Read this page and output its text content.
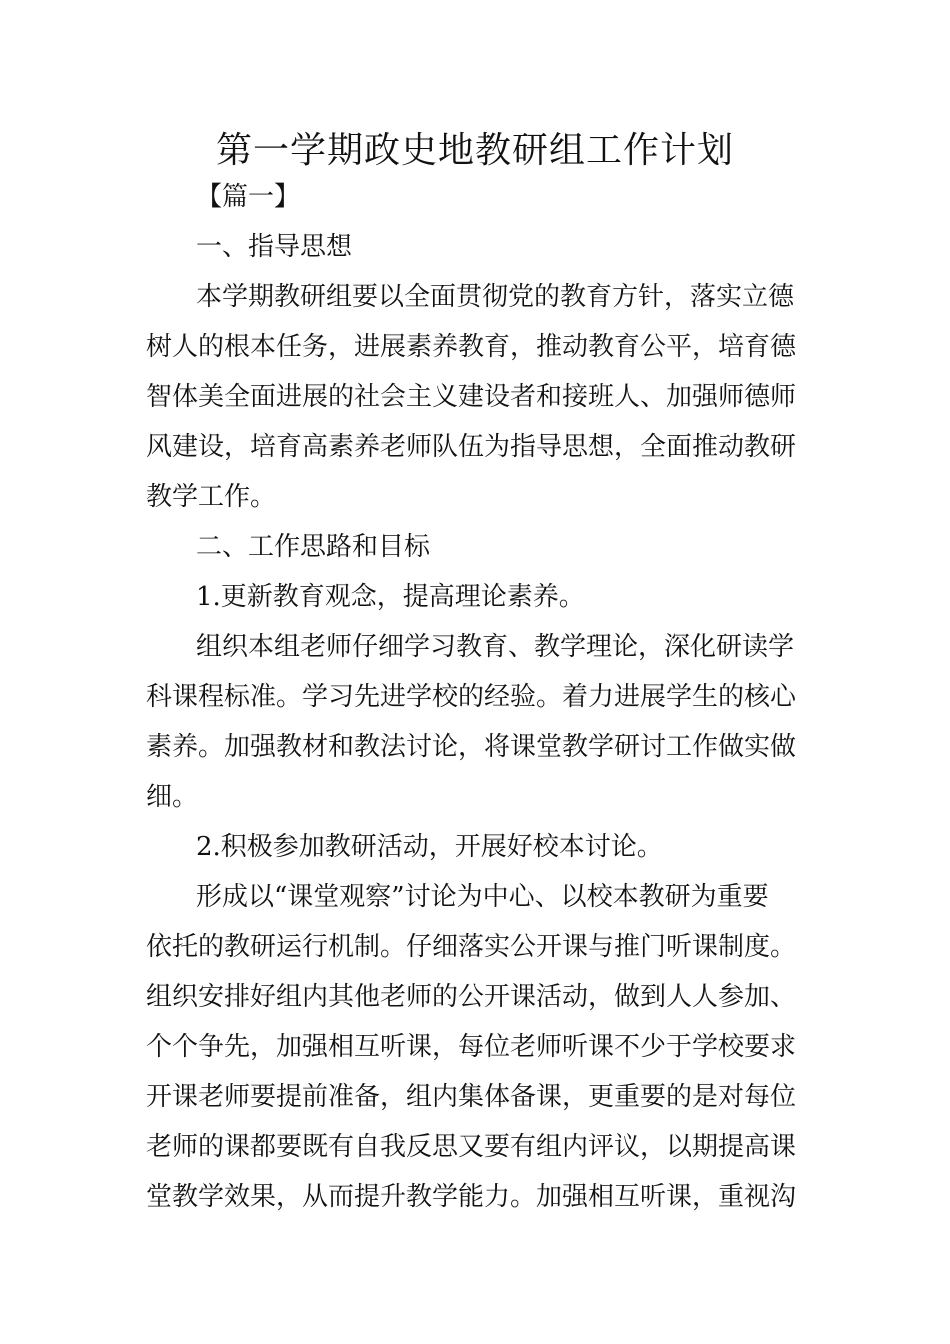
第一学期政史地教研组工作计划

【篇一】

一、指导思想

本学期教研组要以全面贯彻党的教育方针，落实立德

树人的根本任务，进展素养教育，推动教育公平，培育德

智体美全面进展的社会主义建设者和接班人、加强师德师

风建设，培育高素养老师队伍为指导思想，全面推动教研

教学工作。

二、工作思路和目标

1.更新教育观念，提高理论素养。

组织本组老师仔细学习教育、教学理论，深化研读学

科课程标准。学习先进学校的经验。着力进展学生的核心

素养。加强教材和教法讨论，将课堂教学研讨工作做实做

细。

2.积极参加教研活动，开展好校本讨论。

形成以“课堂观察”讨论为中心、以校本教研为重要

依托的教研运行机制。仔细落实公开课与推门听课制度。

组织安排好组内其他老师的公开课活动，做到人人参加、

个个争先，加强相互听课，每位老师听课不少于学校要求

开课老师要提前准备，组内集体备课，更重要的是对每位

老师的课都要既有自我反思又要有组内评议，以期提高课

堂教学效果，从而提升教学能力。加强相互听课，重视沟
